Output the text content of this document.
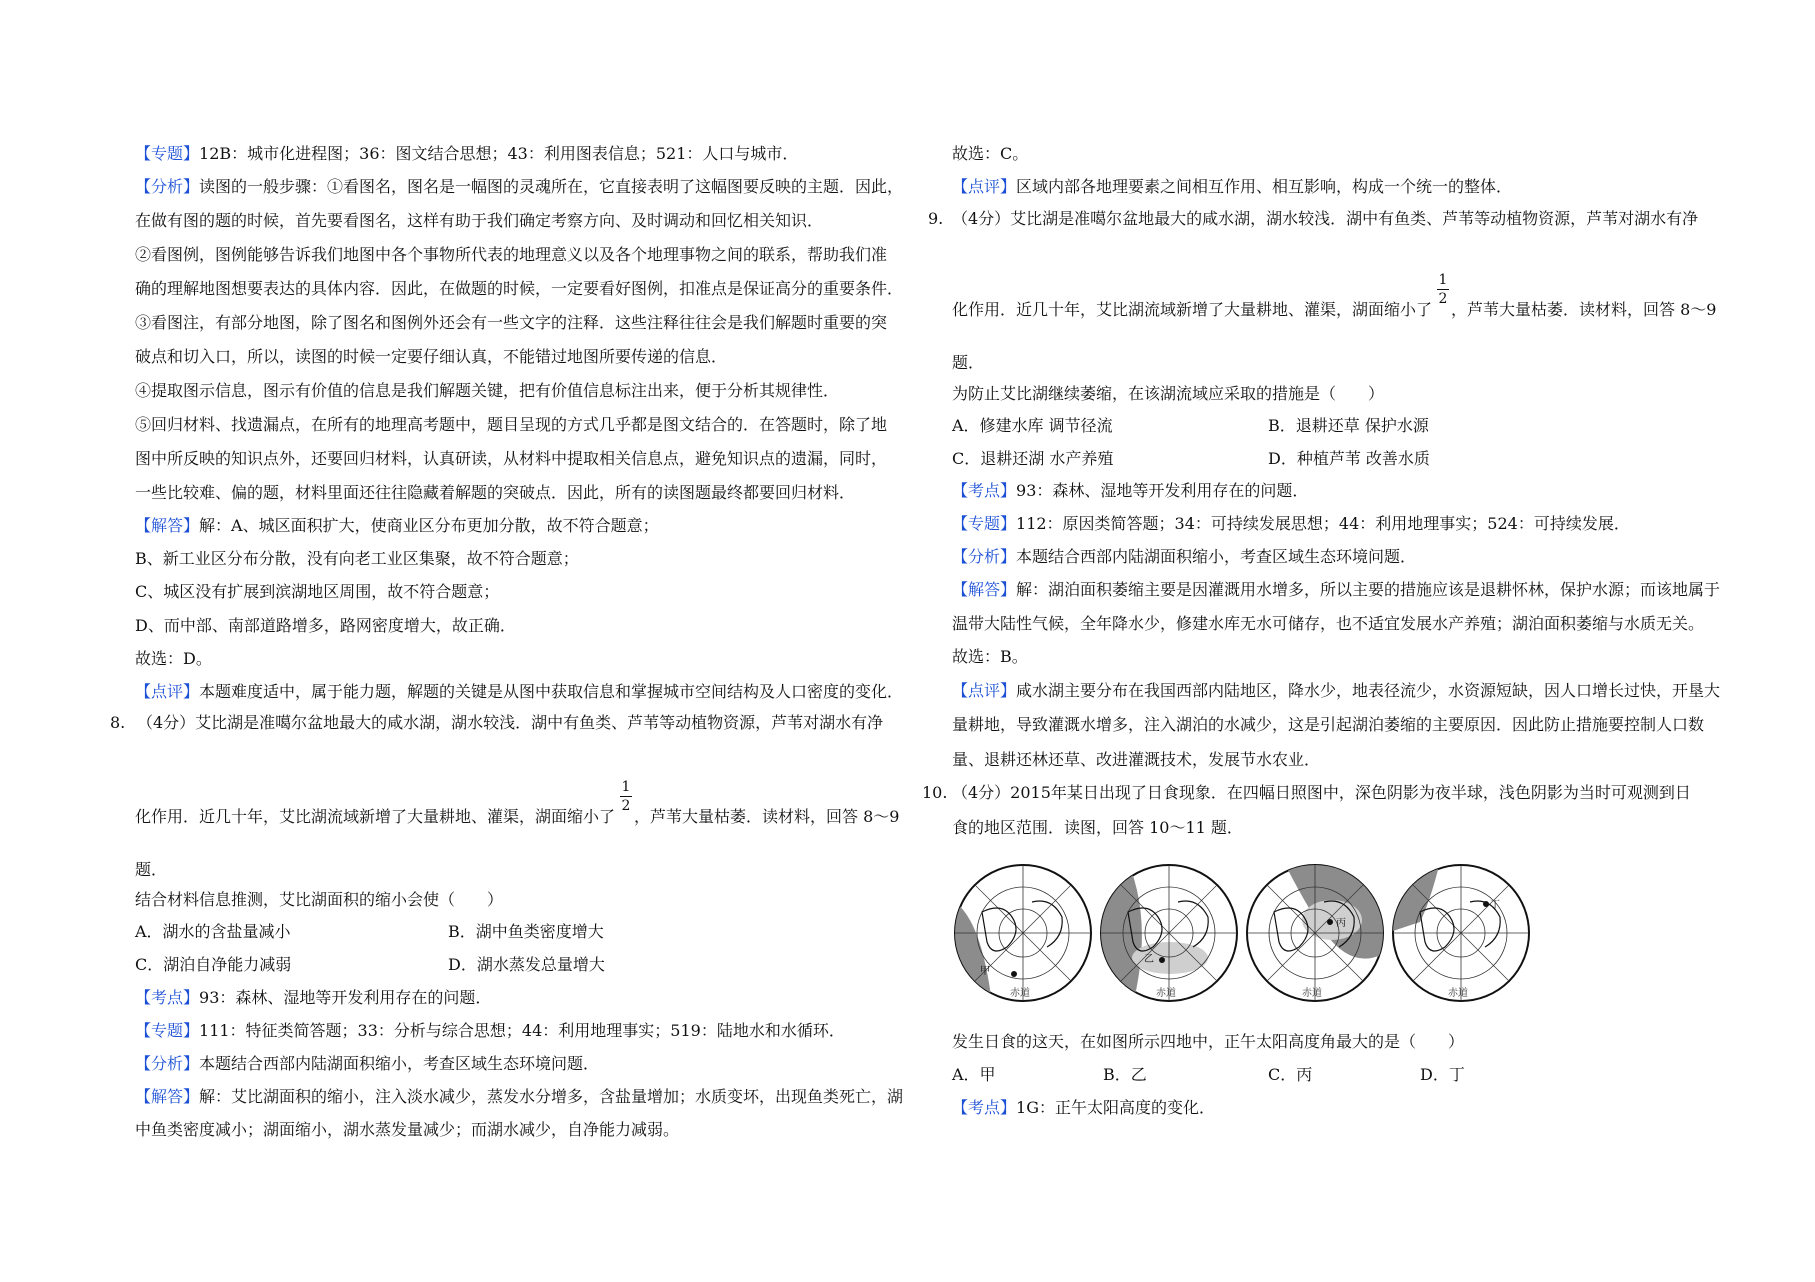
【专题】12B：城市化进程图；36：图文结合思想；43：利用图表信息；521：人口与城市．
【分析】读图的一般步骤：①看图名，图名是一幅图的灵魂所在，它直接表明了这幅图要反映的主题．因此，
在做有图的题的时候，首先要看图名，这样有助于我们确定考察方向、及时调动和回忆相关知识．
②看图例，图例能够告诉我们地图中各个事物所代表的地理意义以及各个地理事物之间的联系，帮助我们准
确的理解地图想要表达的具体内容．因此，在做题的时候，一定要看好图例，扣准点是保证高分的重要条件．
③看图注，有部分地图，除了图名和图例外还会有一些文字的注释．这些注释往往会是我们解题时重要的突
破点和切入口，所以，读图的时候一定要仔细认真，不能错过地图所要传递的信息．
④提取图示信息，图示有价值的信息是我们解题关键，把有价值信息标注出来，便于分析其规律性．
⑤回归材料、找遗漏点，在所有的地理高考题中，题目呈现的方式几乎都是图文结合的．在答题时，除了地
图中所反映的知识点外，还要回归材料，认真研读，从材料中提取相关信息点，避免知识点的遗漏，同时，
一些比较难、偏的题，材料里面还往往隐藏着解题的突破点．因此，所有的读图题最终都要回归材料．
【解答】解：A、城区面积扩大，使商业区分布更加分散，故不符合题意；
B、新工业区分布分散，没有向老工业区集聚，故不符合题意；
C、城区没有扩展到滨湖地区周围，故不符合题意；
D、而中部、南部道路增多，路网密度增大，故正确．
故选：D。
【点评】本题难度适中，属于能力题，解题的关键是从图中获取信息和掌握城市空间结构及人口密度的变化．
8. （4分）艾比湖是准噶尔盆地最大的咸水湖，湖水较浅．湖中有鱼类、芦苇等动植物资源，芦苇对湖水有净
化作用．近几十年，艾比湖流域新增了大量耕地、灌渠，湖面缩小了
1
2
，芦苇大量枯萎．读材料，回答 8～9
题．
结合材料信息推测，艾比湖面积的缩小会使（　　）
A．湖水的含盐量减小	B．湖中鱼类密度增大
C．湖泊自净能力减弱	D．湖水蒸发总量增大
【考点】93：森林、湿地等开发利用存在的问题．
【专题】111：特征类简答题；33：分析与综合思想；44：利用地理事实；519：陆地水和水循环．
【分析】本题结合西部内陆湖面积缩小，考查区域生态环境问题．
【解答】解：艾比湖面积的缩小，注入淡水减少，蒸发水分增多，含盐量增加；水质变坏，出现鱼类死亡，湖
中鱼类密度减小；湖面缩小，湖水蒸发量减少；而湖水减少，自净能力减弱。
故选：C。
【点评】区域内部各地理要素之间相互作用、相互影响，构成一个统一的整体．
9. （4分）艾比湖是准噶尔盆地最大的咸水湖，湖水较浅．湖中有鱼类、芦苇等动植物资源，芦苇对湖水有净
化作用．近几十年，艾比湖流域新增了大量耕地、灌渠，湖面缩小了
1
2
，芦苇大量枯萎．读材料，回答 8～9
题．
为防止艾比湖继续萎缩，在该湖流域应采取的措施是（　　）
A．修建水库 调节径流	B．退耕还草 保护水源
C．退耕还湖 水产养殖	D．种植芦苇 改善水质
【考点】93：森林、湿地等开发利用存在的问题．
【专题】112：原因类简答题；34：可持续发展思想；44：利用地理事实；524：可持续发展．
【分析】本题结合西部内陆湖面积缩小，考查区域生态环境问题．
【解答】解：湖泊面积萎缩主要是因灌溉用水增多，所以主要的措施应该是退耕怀林，保护水源；而该地属于
温带大陆性气候，全年降水少，修建水库无水可储存，也不适宜发展水产养殖；湖泊面积萎缩与水质无关。
故选：B。
【点评】咸水湖主要分布在我国西部内陆地区，降水少，地表径流少，水资源短缺，因人口增长过快，开垦大
量耕地，导致灌溉水增多，注入湖泊的水减少，这是引起湖泊萎缩的主要原因．因此防止措施要控制人口数
量、退耕还林还草、改进灌溉技术，发展节水农业．
10. （4分）2015年某日出现了日食现象．在四幅日照图中，深色阴影为夜半球，浅色阴影为当时可观测到日
食的地区范围．读图，回答 10～11 题．
甲
赤道
乙
赤道
丙
赤道
丁
赤道
发生日食的这天，在如图所示四地中，正午太阳高度角最大的是（　　）
A．甲	B．乙	C．丙	D．丁
【考点】1G：正午太阳高度的变化．
